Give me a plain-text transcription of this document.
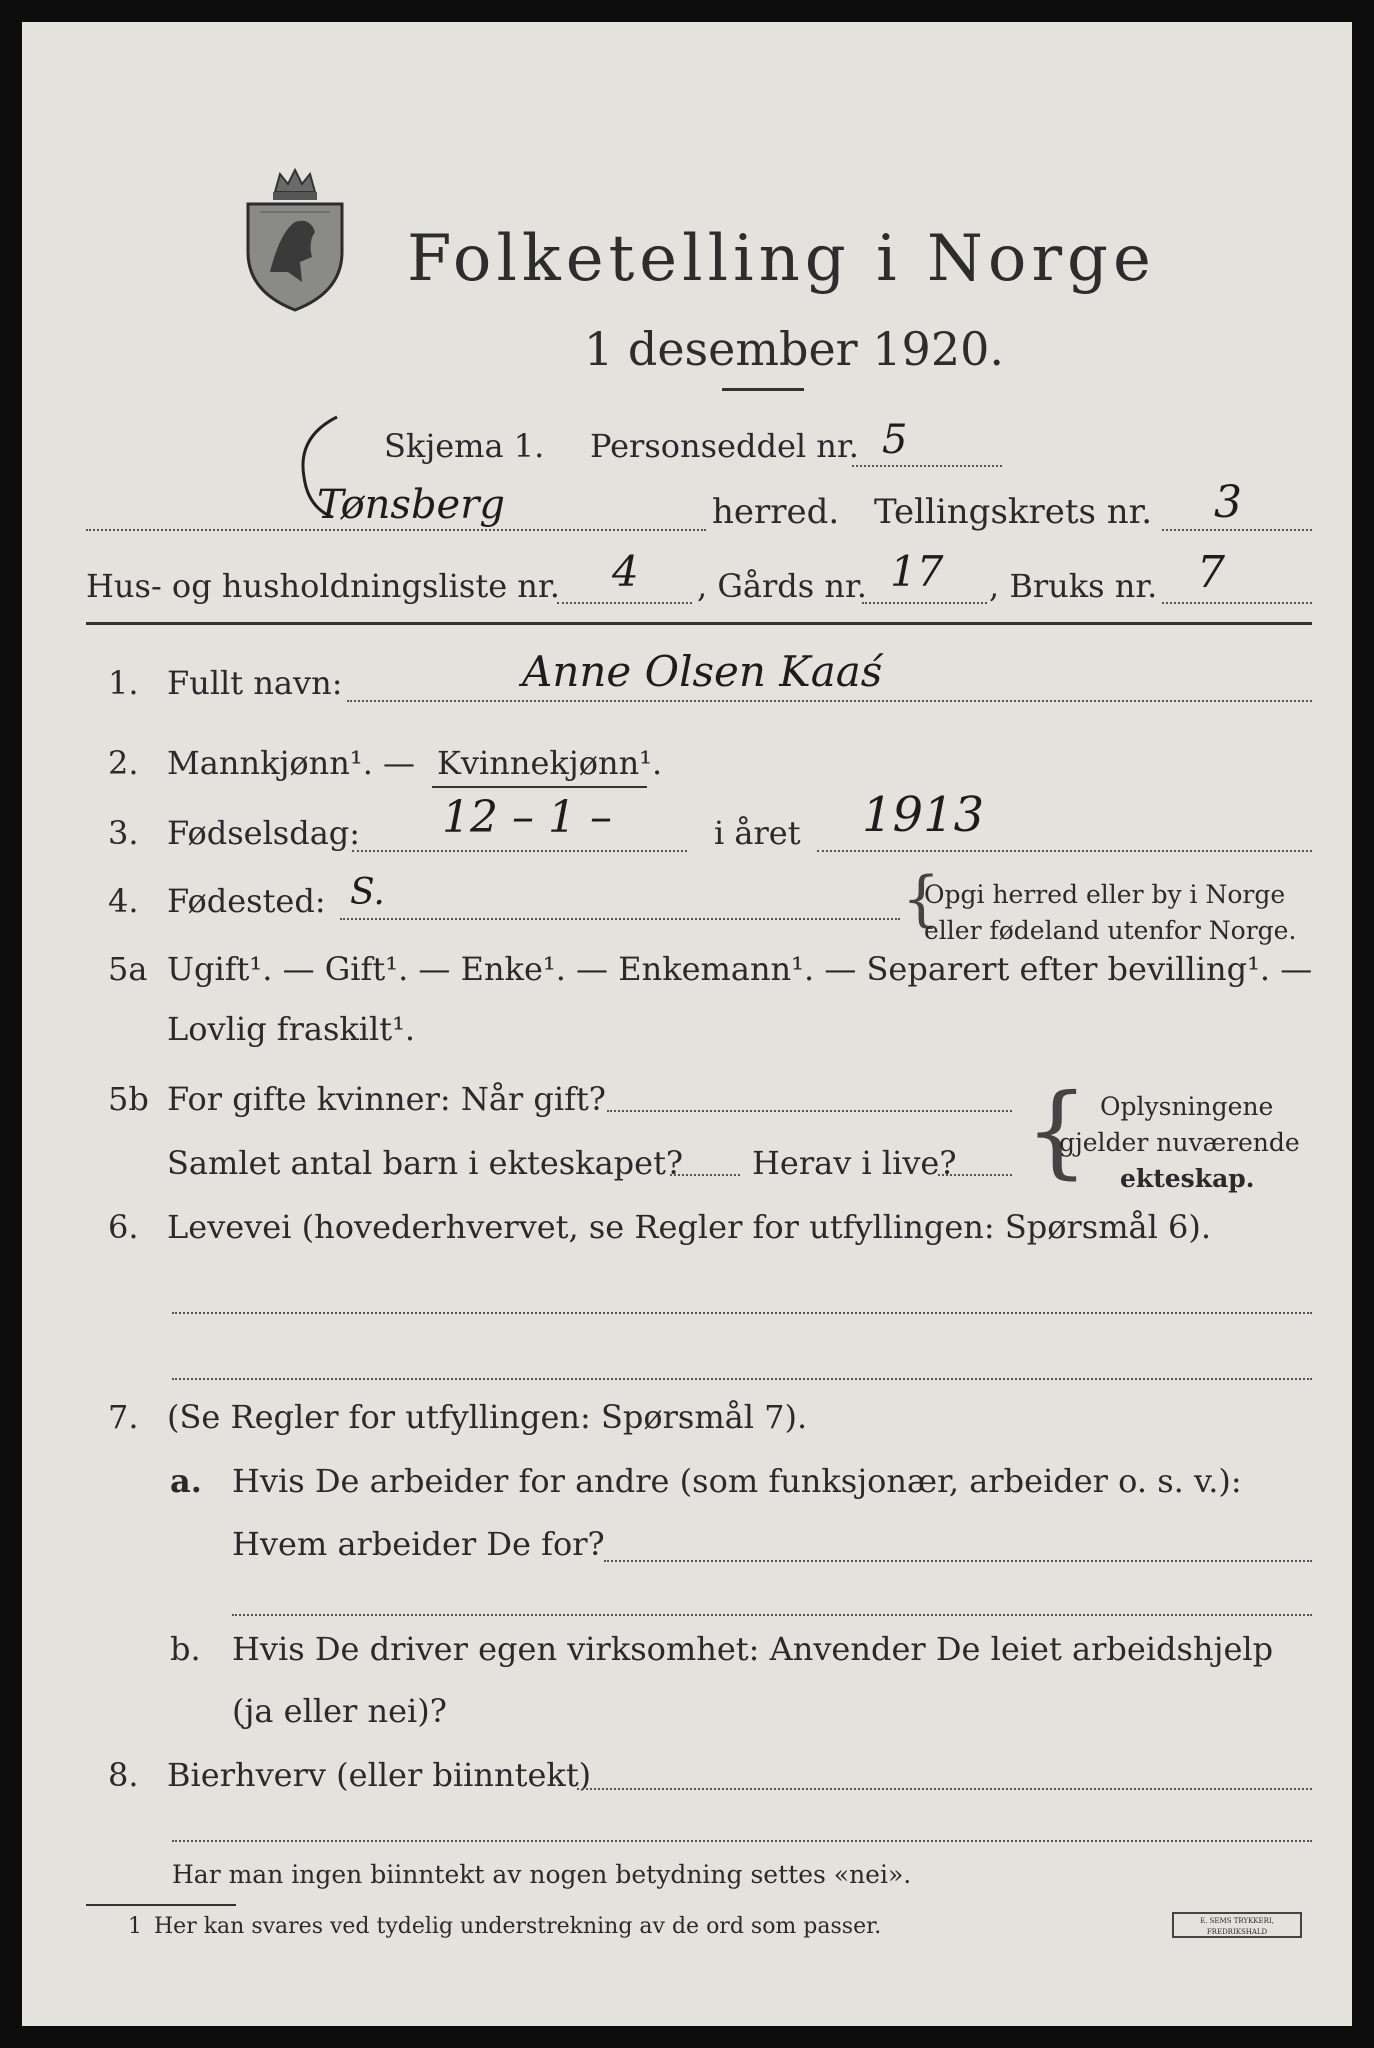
Folketelling i Norge
1 desember 1920.
Skjema 1. Personseddel nr. 5
Tønsberg	herred. Tellingskrets nr. 3
Hus- og husholdningsliste nr. 4 , Gårds nr. 17 , Bruks nr. 7
1. Fullt navn:	Anne Olsen Kaaś
2. Mannkjønn¹. — Kvinnekjønn¹.
3. Fødselsdag: 12 – 1 –	i året 1913
4. Fødested: S.	{
Opgi herred eller by i Norge
eller fødeland utenfor Norge.
5a Ugift¹. — Gift¹. — Enke¹. — Enkemann¹. — Separert efter bevilling¹. —
Lovlig fraskilt¹.
5b For gifte kvinner: Når gift?
Samlet antal barn i ekteskapet? Herav i live? { Oplysningene
gjelder nuværende
ekteskap.
6. Levevei (hovederhvervet, se Regler for utfyllingen: Spørsmål 6).
7. (Se Regler for utfyllingen: Spørsmål 7).
a. Hvis De arbeider for andre (som funksjonær, arbeider o. s. v.):
Hvem arbeider De for?
b. Hvis De driver egen virksomhet: Anvender De leiet arbeidshjelp
(ja eller nei)?
8. Bierhverv (eller biinntekt)
Har man ingen biinntekt av nogen betydning settes «nei».
1 Her kan svares ved tydelig understrekning av de ord som passer.	E. SEMS TRYKKERI, FREDRIKSHALD
